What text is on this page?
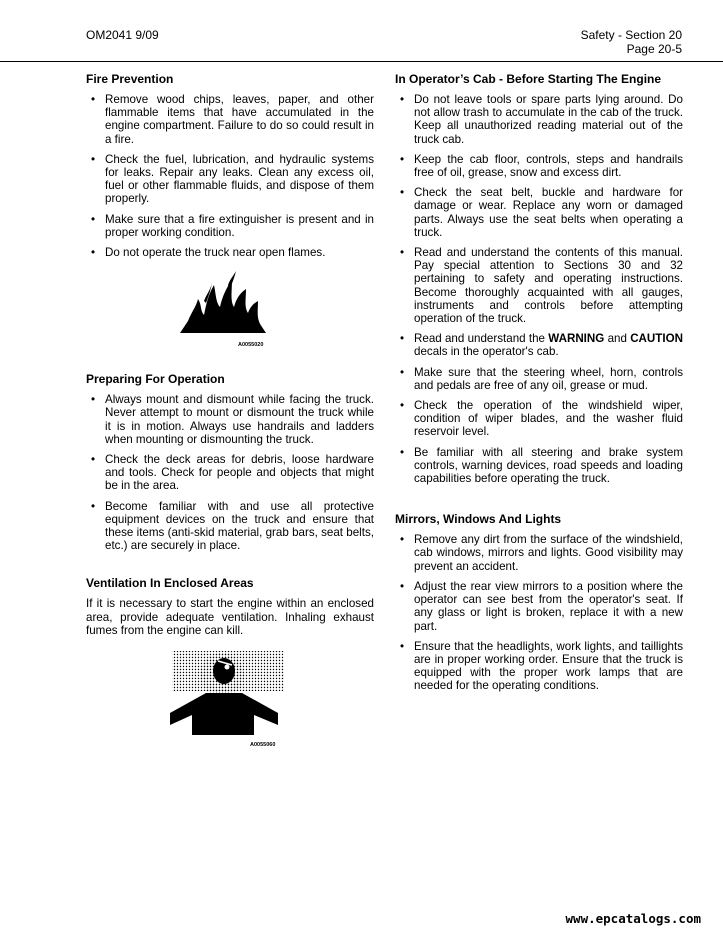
OM2041 9/09	Safety - Section 20
Page 20-5
Fire Prevention
• Remove wood chips, leaves, paper, and other flammable items that have accumulated in the engine compartment. Failure to do so could result in a fire.
• Check the fuel, lubrication, and hydraulic systems for leaks. Repair any leaks. Clean any excess oil, fuel or other flammable fluids, and dispose of them properly.
• Make sure that a fire extinguisher is present and in proper working condition.
• Do not operate the truck near open flames.
A0055020
Preparing For Operation
• Always mount and dismount while facing the truck. Never attempt to mount or dismount the truck while it is in motion. Always use handrails and ladders when mounting or dismounting the truck.
• Check the deck areas for debris, loose hardware and tools. Check for people and objects that might be in the area.
• Become familiar with and use all protective equipment devices on the truck and ensure that these items (anti-skid material, grab bars, seat belts, etc.) are securely in place.
Ventilation In Enclosed Areas

If it is necessary to start the engine within an enclosed area, provide adequate ventilation. Inhaling exhaust fumes from the engine can kill.

A0055060
In Operator’s Cab - Before Starting The Engine
• Do not leave tools or spare parts lying around. Do not allow trash to accumulate in the cab of the truck. Keep all unauthorized reading material out of the truck cab.
• Keep the cab floor, controls, steps and handrails free of oil, grease, snow and excess dirt.
• Check the seat belt, buckle and hardware for damage or wear. Replace any worn or damaged parts. Always use the seat belts when operating a truck.
• Read and understand the contents of this manual. Pay special attention to Sections 30 and 32 pertaining to safety and operating instructions. Become thoroughly acquainted with all gauges, instruments and controls before attempting operation of the truck.
• Read and understand the WARNING and CAUTION decals in the operator's cab.
• Make sure that the steering wheel, horn, controls and pedals are free of any oil, grease or mud.
• Check the operation of the windshield wiper, condition of wiper blades, and the washer fluid reservoir level.
• Be familiar with all steering and brake system controls, warning devices, road speeds and loading capabilities before operating the truck.
Mirrors, Windows And Lights
• Remove any dirt from the surface of the windshield, cab windows, mirrors and lights. Good visibility may prevent an accident.
• Adjust the rear view mirrors to a position where the operator can see best from the operator's seat. If any glass or light is broken, replace it with a new part.
• Ensure that the headlights, work lights, and taillights are in proper working order. Ensure that the truck is equipped with the proper work lamps that are needed for the operating conditions.
www.epcatalogs.com
